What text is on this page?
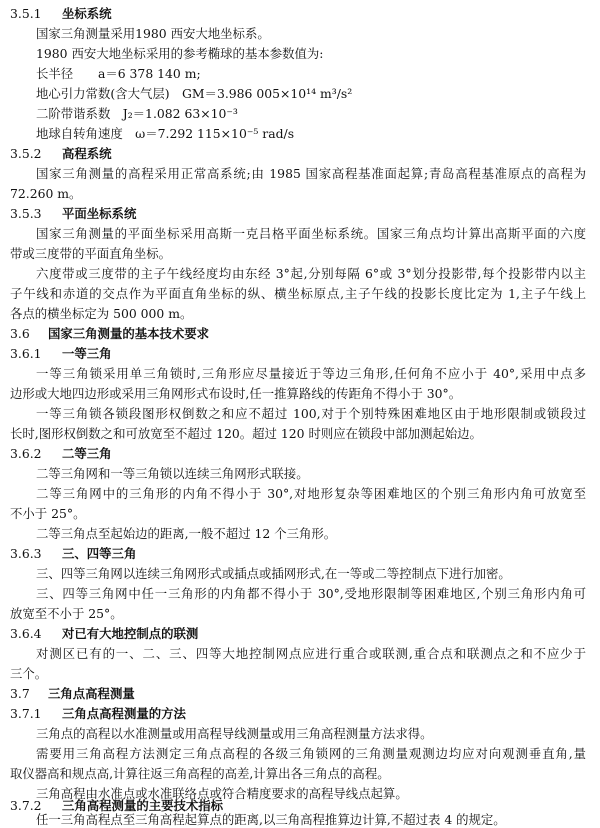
3.5.1 坐标系统
国家三角测量采用1980 西安大地坐标系。
1980 西安大地坐标采用的参考椭球的基本参数值为:
长半径　　a＝6 378 140 m;
地心引力常数(含大气层)　GM＝3.986 005×10¹⁴ m³/s²
二阶带谐系数　J₂＝1.082 63×10⁻³
地球自转角速度　ω＝7.292 115×10⁻⁵ rad/s
3.5.2 高程系统
国家三角测量的高程采用正常高系统;由 1985 国家高程基准面起算;青岛高程基准原点的高程为
72.260 m。
3.5.3 平面坐标系统
国家三角测量的平面坐标采用高斯一克吕格平面坐标系统。国家三角点均计算出高斯平面的六度
带或三度带的平面直角坐标。
六度带或三度带的主子午线经度均由东经 3°起,分别每隔 6°或 3°划分投影带,每个投影带内以主
子午线和赤道的交点作为平面直角坐标的纵、横坐标原点,主子午线的投影长度比定为 1,主子午线上
各点的横坐标定为 500 000 m。
3.6 国家三角测量的基本技术要求
3.6.1 一等三角
一等三角锁采用单三角锁时,三角形应尽量接近于等边三角形,任何角不应小于 40°,采用中点多
边形或大地四边形或采用三角网形式布设时,任一推算路线的传距角不得小于 30°。
一等三角锁各锁段图形权倒数之和应不超过 100,对于个别特殊困难地区由于地形限制或锁段过
长时,图形权倒数之和可放宽至不超过 120。超过 120 时则应在锁段中部加测起始边。
3.6.2 二等三角
二等三角网和一等三角锁以连续三角网形式联接。
二等三角网中的三角形的内角不得小于 30°,对地形复杂等困难地区的个别三角形内角可放宽至
不小于 25°。
二等三角点至起始边的距离,一般不超过 12 个三角形。
3.6.3 三、四等三角
三、四等三角网以连续三角网形式或插点或插网形式,在一等或二等控制点下进行加密。
三、四等三角网中任一三角形的内角都不得小于 30°,受地形限制等困难地区,个别三角形内角可
放宽至不小于 25°。
3.6.4 对已有大地控制点的联测
对测区已有的一、二、三、四等大地控制网点应进行重合或联测,重合点和联测点之和不应少于
三个。
3.7 三角点高程测量
3.7.1 三角点高程测量的方法
三角点的高程以水准测量或用高程导线测量或用三角高程测量方法求得。
需要用三角高程方法测定三角点高程的各级三角锁网的三角测量观测边均应对向观测垂直角,量
取仪器高和规点高,计算往返三角高程的高差,计算出各三角点的高程。
三角高程由水准点或水准联络点或符合精度要求的高程导线点起算。
3.7.2 三角高程测量的主要技术指标
任一三角高程点至三角高程起算点的距离,以三角高程推算边计算,不超过表 4 的规定。
